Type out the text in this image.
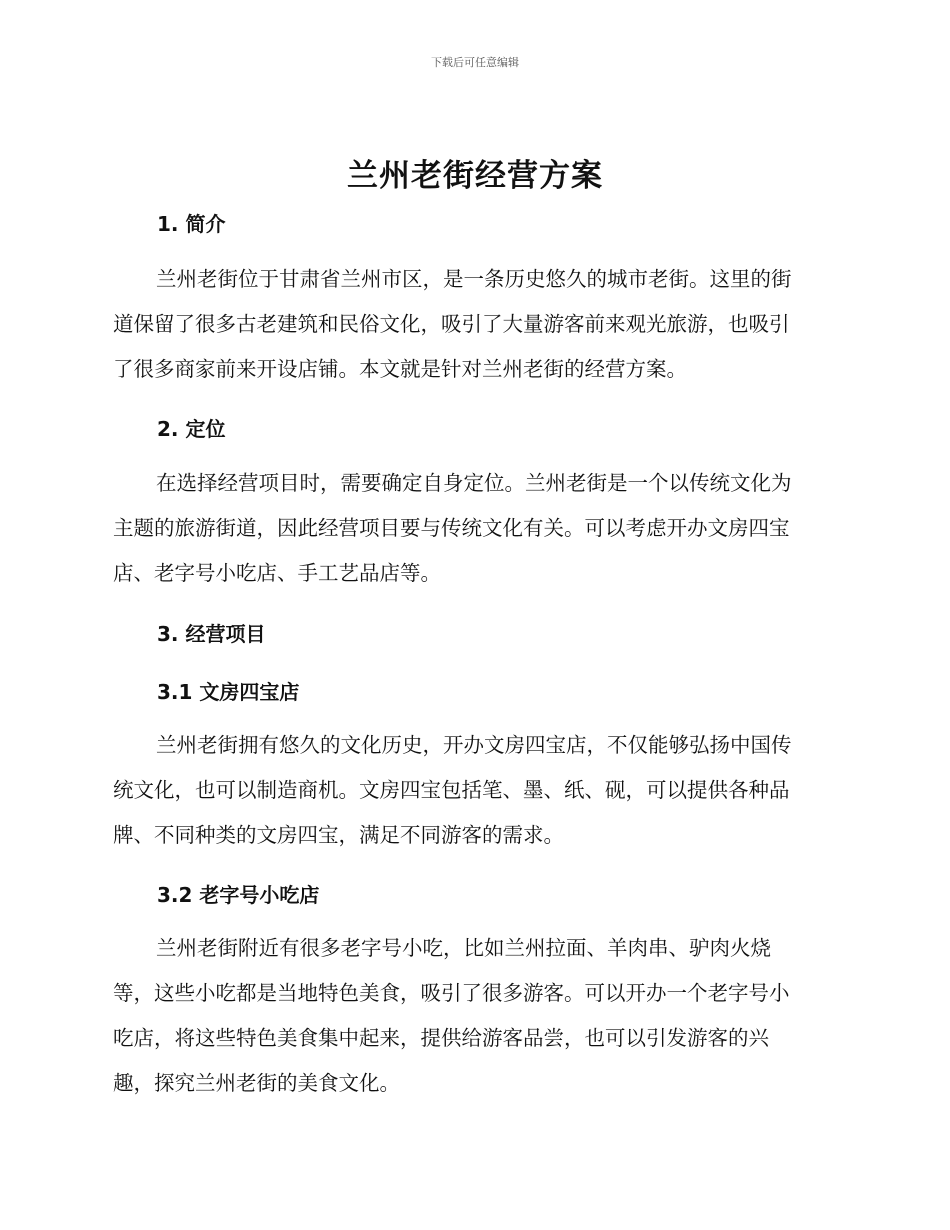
下载后可任意编辑
兰州老街经营方案
1. 简介
兰州老街位于甘肃省兰州市区，是一条历史悠久的城市老街。这里的街
道保留了很多古老建筑和民俗文化，吸引了大量游客前来观光旅游，也吸引
了很多商家前来开设店铺。本文就是针对兰州老街的经营方案。
2. 定位
在选择经营项目时，需要确定自身定位。兰州老街是一个以传统文化为
主题的旅游街道，因此经营项目要与传统文化有关。可以考虑开办文房四宝
店、老字号小吃店、手工艺品店等。
3. 经营项目
3.1 文房四宝店
兰州老街拥有悠久的文化历史，开办文房四宝店，不仅能够弘扬中国传
统文化，也可以制造商机。文房四宝包括笔、墨、纸、砚，可以提供各种品
牌、不同种类的文房四宝，满足不同游客的需求。
3.2 老字号小吃店
兰州老街附近有很多老字号小吃，比如兰州拉面、羊肉串、驴肉火烧
等，这些小吃都是当地特色美食，吸引了很多游客。可以开办一个老字号小
吃店，将这些特色美食集中起来，提供给游客品尝，也可以引发游客的兴
趣，探究兰州老街的美食文化。
